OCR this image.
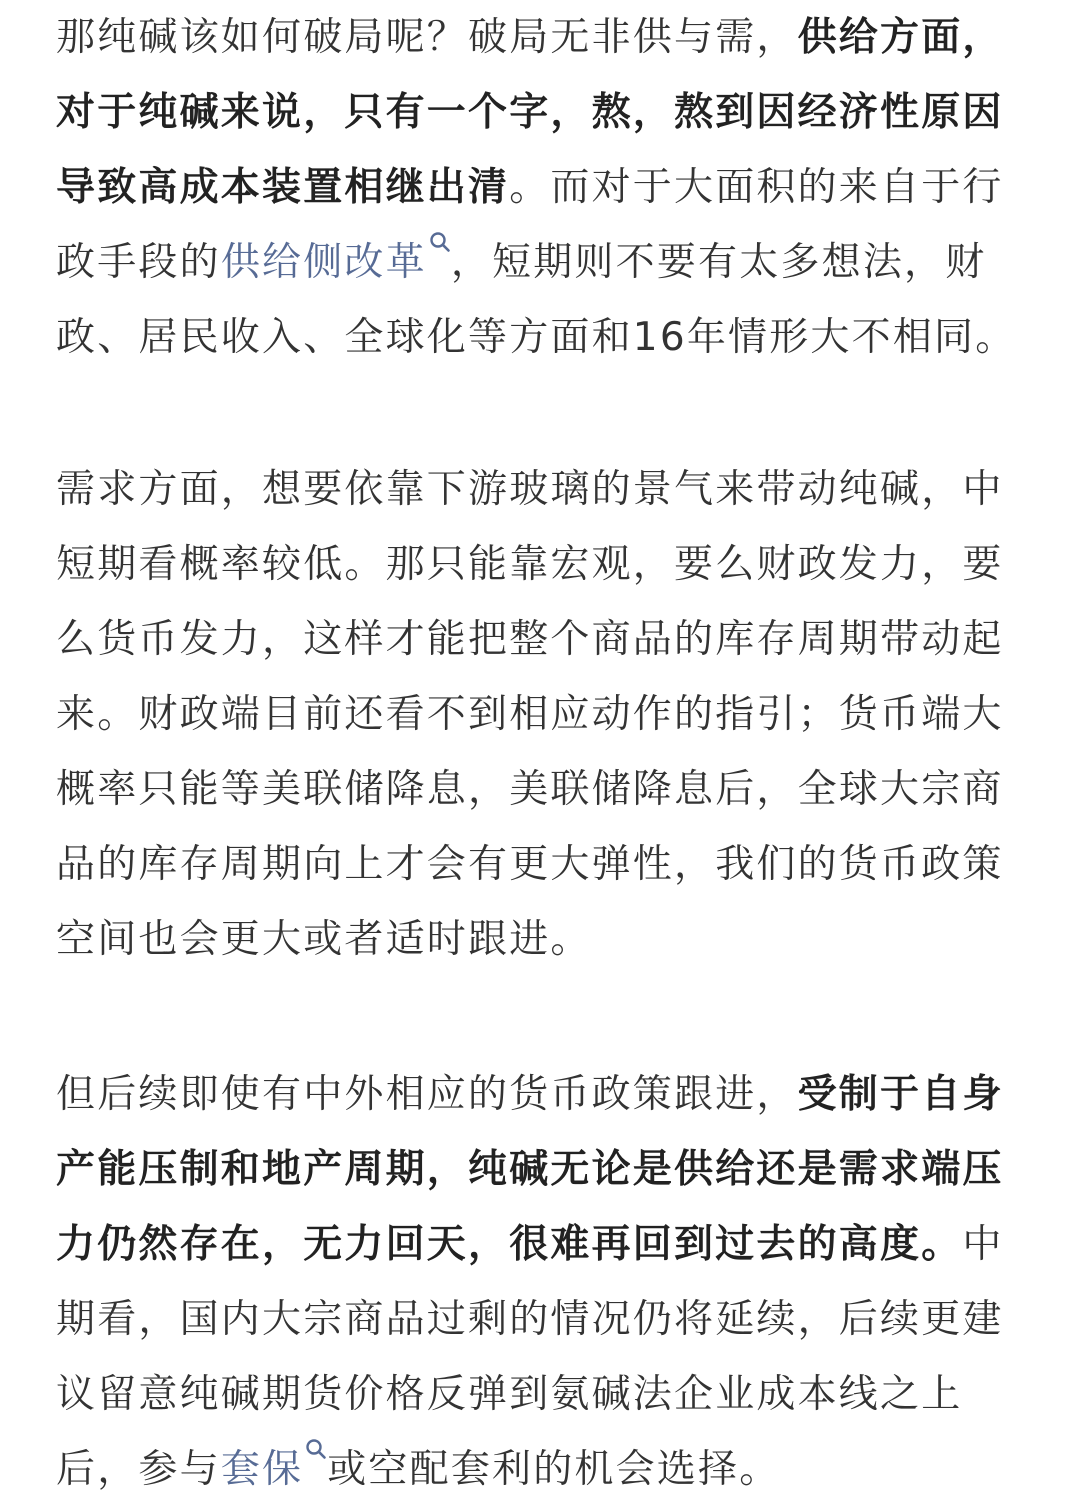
那纯碱该如何破局呢？破局无非供与需，供给方面，对于纯碱来说，只有一个字，熬，熬到因经济性原因导致高成本装置相继出清。而对于大面积的来自于行政手段的供给侧改革 ，短期则不要有太多想法，财政、居民收入、全球化等方面和16年情形大不相同。

需求方面，想要依靠下游玻璃的景气来带动纯碱，中短期看概率较低。那只能靠宏观，要么财政发力，要么货币发力，这样才能把整个商品的库存周期带动起来。财政端目前还看不到相应动作的指引；货币端大概率只能等美联储降息，美联储降息后，全球大宗商品的库存周期向上才会有更大弹性，我们的货币政策空间也会更大或者适时跟进。

但后续即使有中外相应的货币政策跟进，受制于自身产能压制和地产周期，纯碱无论是供给还是需求端压力仍然存在，无力回天，很难再回到过去的高度。中期看，国内大宗商品过剩的情况仍将延续，后续更建议留意纯碱期货价格反弹到氨碱法企业成本线之上后，参与套保 或空配套利的机会选择。
